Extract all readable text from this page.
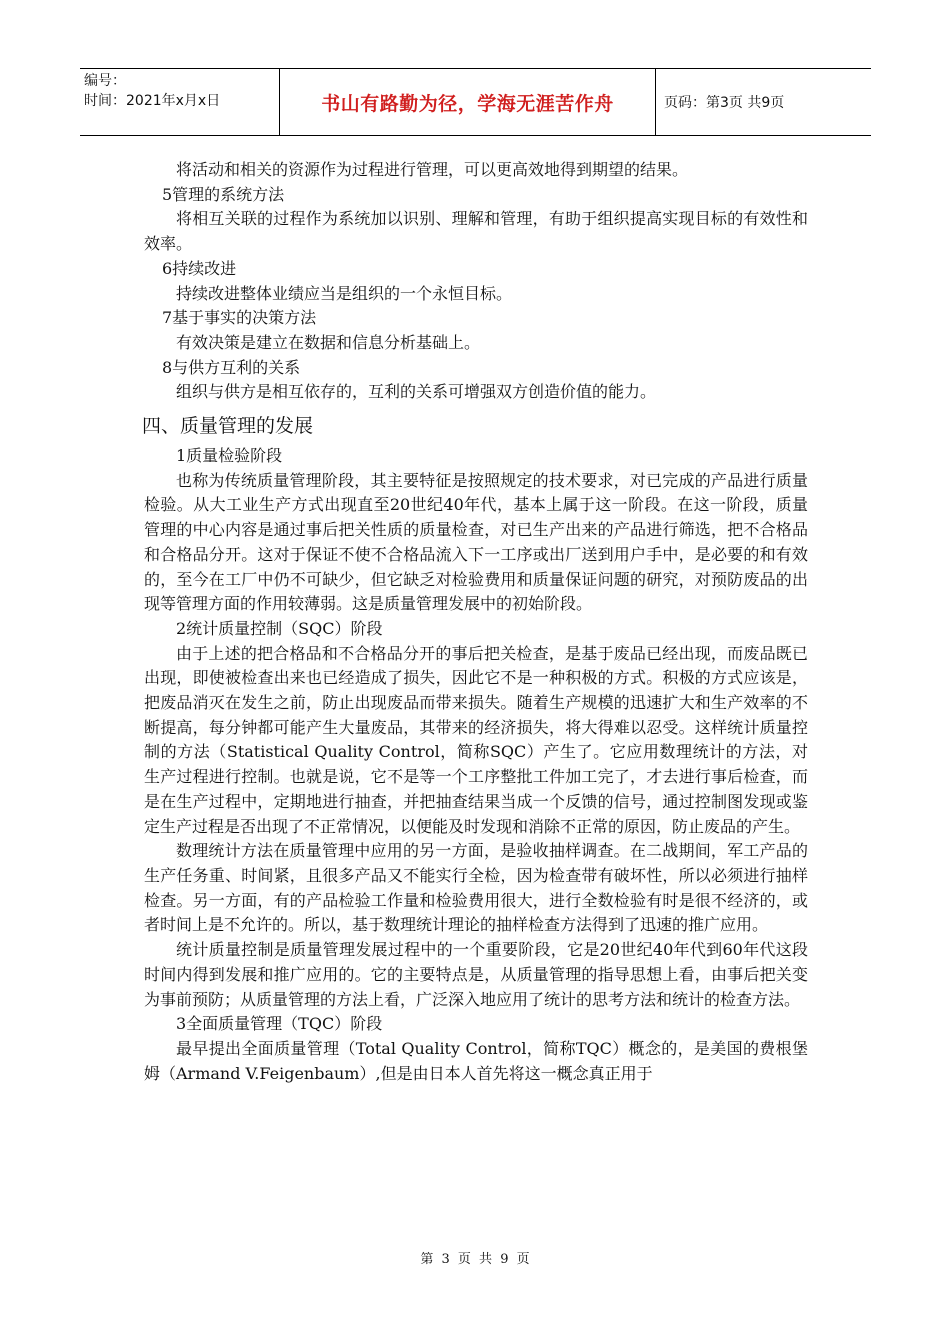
编号：
时间：2021年x月x日	书山有路勤为径，学海无涯苦作舟	页码：第3页 共9页

将活动和相关的资源作为过程进行管理，可以更高效地得到期望的结果。

5管理的系统方法

将相互关联的过程作为系统加以识别、理解和管理，有助于组织提高实现目标的有效性和效率。

6持续改进

持续改进整体业绩应当是组织的一个永恒目标。

7基于事实的决策方法

有效决策是建立在数据和信息分析基础上。

8与供方互利的关系

组织与供方是相互依存的，互利的关系可增强双方创造价值的能力。

四、质量管理的发展

1质量检验阶段

也称为传统质量管理阶段，其主要特征是按照规定的技术要求，对已完成的产品进行质量检验。从大工业生产方式出现直至20世纪40年代，基本上属于这一阶段。在这一阶段，质量管理的中心内容是通过事后把关性质的质量检查，对已生产出来的产品进行筛选，把不合格品和合格品分开。这对于保证不使不合格品流入下一工序或出厂送到用户手中，是必要的和有效的，至今在工厂中仍不可缺少，但它缺乏对检验费用和质量保证问题的研究，对预防废品的出现等管理方面的作用较薄弱。这是质量管理发展中的初始阶段。

2统计质量控制（SQC）阶段

由于上述的把合格品和不合格品分开的事后把关检查，是基于废品已经出现，而废品既已出现，即使被检查出来也已经造成了损失，因此它不是一种积极的方式。积极的方式应该是，把废品消灭在发生之前，防止出现废品而带来损失。随着生产规模的迅速扩大和生产效率的不断提高，每分钟都可能产生大量废品，其带来的经济损失，将大得难以忍受。这样统计质量控制的方法（Statistical Quality Control，简称SQC）产生了。它应用数理统计的方法，对生产过程进行控制。也就是说，它不是等一个工序整批工件加工完了，才去进行事后检查，而是在生产过程中，定期地进行抽查，并把抽查结果当成一个反馈的信号，通过控制图发现或鉴定生产过程是否出现了不正常情况，以便能及时发现和消除不正常的原因，防止废品的产生。

数理统计方法在质量管理中应用的另一方面，是验收抽样调查。在二战期间，军工产品的生产任务重、时间紧，且很多产品又不能实行全检，因为检查带有破坏性，所以必须进行抽样检查。另一方面，有的产品检验工作量和检验费用很大，进行全数检验有时是很不经济的，或者时间上是不允许的。所以，基于数理统计理论的抽样检查方法得到了迅速的推广应用。

统计质量控制是质量管理发展过程中的一个重要阶段，它是20世纪40年代到60年代这段时间内得到发展和推广应用的。它的主要特点是，从质量管理的指导思想上看，由事后把关变为事前预防；从质量管理的方法上看，广泛深入地应用了统计的思考方法和统计的检查方法。

3全面质量管理（TQC）阶段

最早提出全面质量管理（Total Quality Control，简称TQC）概念的，是美国的费根堡姆（Armand V.Feigenbaum）,但是由日本人首先将这一概念真正用于

第 3 页 共 9 页
